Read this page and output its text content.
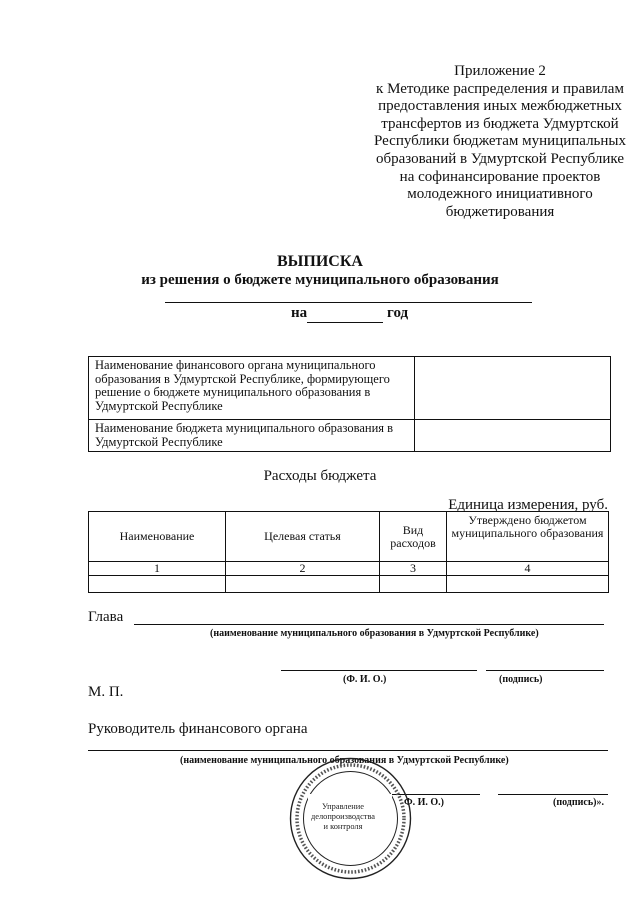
Приложение 2
к Методике распределения и правилам
предоставления иных межбюджетных
трансфертов из бюджета Удмуртской
Республики бюджетам муниципальных
образований в Удмуртской Республике
на софинансирование проектов
молодежного инициативного
бюджетирования
ВЫПИСКА
из решения о бюджете муниципального образования
на	год
Наименование финансового органа муниципального образования в Удмуртской Республике, формирующего решение о бюджете муниципального образования в Удмуртской Республике	
Наименование бюджета муниципального образования в Удмуртской Республике	
Расходы бюджета
Единица измерения, руб.
Наименование	Целевая статья	Вид расходов	Утверждено бюджетом муниципального образования
1	2	3	4

Глава
(наименование муниципального образования в Удмуртской Республике)
(Ф. И. О.)	(подпись)
М. П.
Руководитель финансового органа
(наименование муниципального образования в Удмуртской Республике)
Ф. И. О.)	(подпись)».
Управление
делопроизводства
и контроля
